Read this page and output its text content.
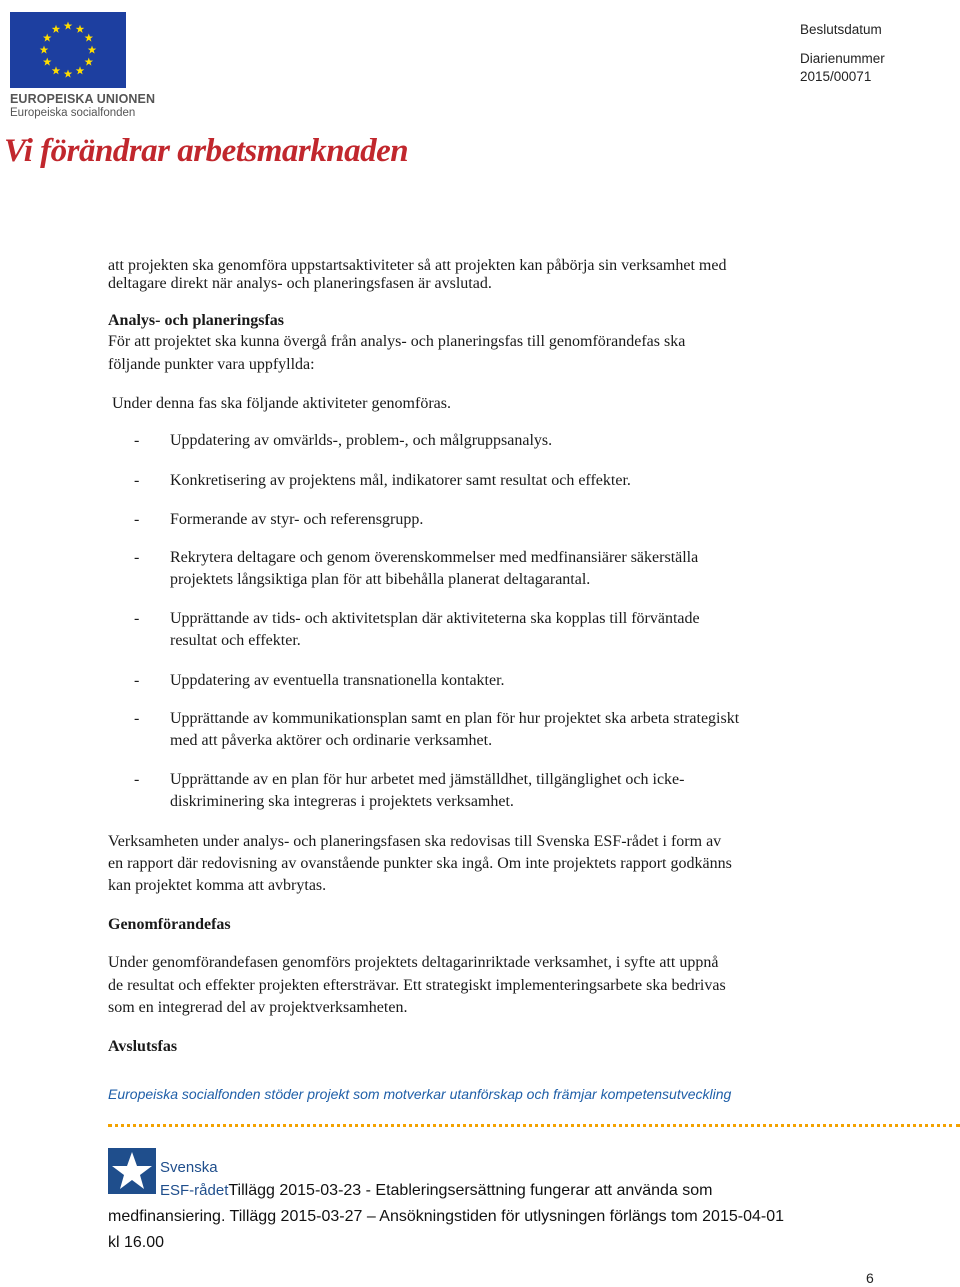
EUROPEISKA UNIONEN
Europeiska socialfonden
Vi förändrar arbetsmarknaden
Beslutsdatum
Diarienummer
2015/00071
att projekten ska genomföra uppstartsaktiviteter så att projekten kan påbörja sin verksamhet med
deltagare direkt när analys- och planeringsfasen är avslutad.
Analys- och planeringsfas
För att projektet ska kunna övergå från analys- och planeringsfas till genomförandefas ska
följande punkter vara uppfyllda:
Under denna fas ska följande aktiviteter genomföras.
- Uppdatering av omvärlds-, problem-, och målgruppsanalys.
- Konkretisering av projektens mål, indikatorer samt resultat och effekter.
- Formerande av styr- och referensgrupp.
- Rekrytera deltagare och genom överenskommelser med medfinansiärer säkerställa
projektets långsiktiga plan för att bibehålla planerat deltagarantal.
- Upprättande av tids- och aktivitetsplan där aktiviteterna ska kopplas till förväntade
resultat och effekter.
- Uppdatering av eventuella transnationella kontakter.
- Upprättande av kommunikationsplan samt en plan för hur projektet ska arbeta strategiskt
med att påverka aktörer och ordinarie verksamhet.
- Upprättande av en plan för hur arbetet med jämställdhet, tillgänglighet och icke-
diskriminering ska integreras i projektets verksamhet.
Verksamheten under analys- och planeringsfasen ska redovisas till Svenska ESF-rådet i form av
en rapport där redovisning av ovanstående punkter ska ingå. Om inte projektets rapport godkänns
kan projektet komma att avbrytas.
Genomförandefas
Under genomförandefasen genomförs projektets deltagarinriktade verksamhet, i syfte att uppnå
de resultat och effekter projekten eftersträvar. Ett strategiskt implementeringsarbete ska bedrivas
som en integrerad del av projektverksamheten.
Avslutsfas
Europeiska socialfonden stöder projekt som motverkar utanförskap och främjar kompetensutveckling
Svenska
ESF-rådetTillägg 2015-03-23 - Etableringsersättning fungerar att använda som
medfinansiering. Tillägg 2015-03-27 – Ansökningstiden för utlysningen förlängs tom 2015-04-01
kl 16.00
6
